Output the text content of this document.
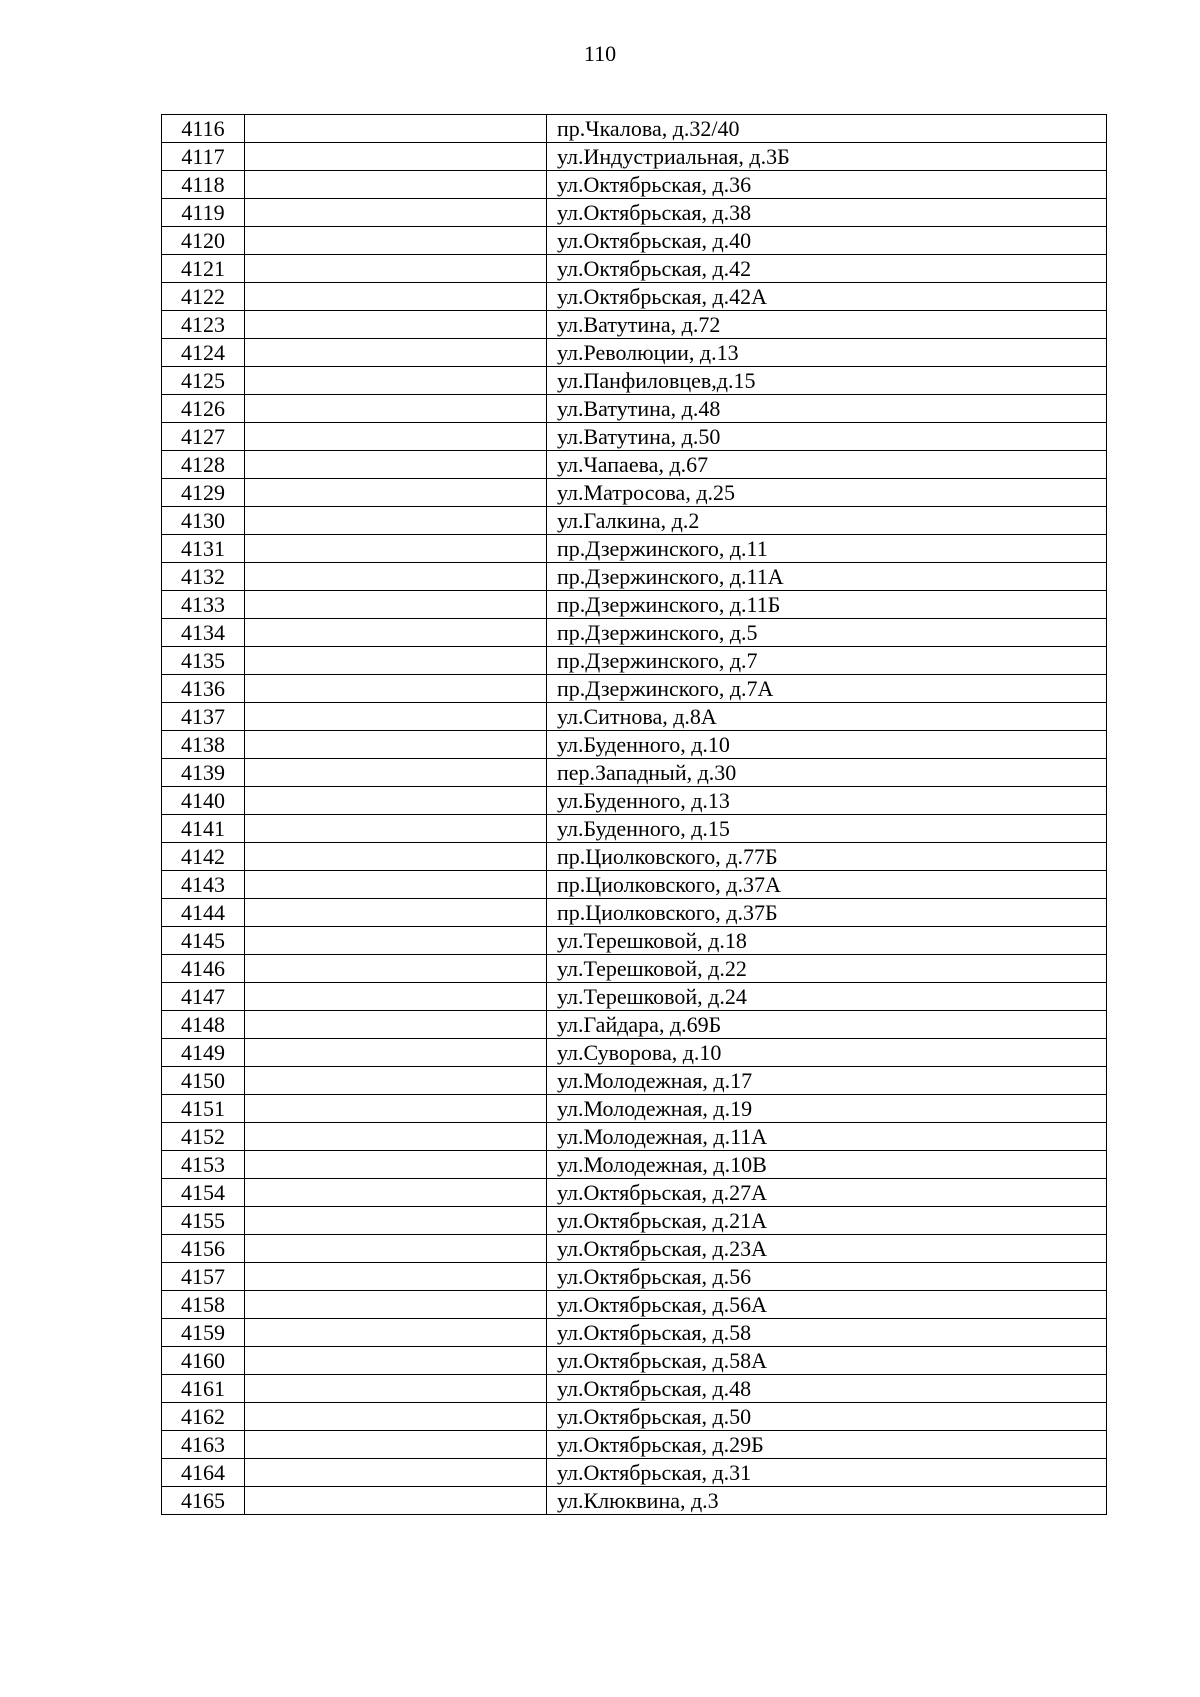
110
4116		пр.Чкалова, д.32/40
4117		ул.Индустриальная, д.3Б
4118		ул.Октябрьская, д.36
4119		ул.Октябрьская, д.38
4120		ул.Октябрьская, д.40
4121		ул.Октябрьская, д.42
4122		ул.Октябрьская, д.42А
4123		ул.Ватутина, д.72
4124		ул.Революции, д.13
4125		ул.Панфиловцев,д.15
4126		ул.Ватутина, д.48
4127		ул.Ватутина, д.50
4128		ул.Чапаева, д.67
4129		ул.Матросова, д.25
4130		ул.Галкина, д.2
4131		пр.Дзержинского, д.11
4132		пр.Дзержинского, д.11А
4133		пр.Дзержинского, д.11Б
4134		пр.Дзержинского, д.5
4135		пр.Дзержинского, д.7
4136		пр.Дзержинского, д.7А
4137		ул.Ситнова, д.8А
4138		ул.Буденного, д.10
4139		пер.Западный, д.30
4140		ул.Буденного, д.13
4141		ул.Буденного, д.15
4142		пр.Циолковского, д.77Б
4143		пр.Циолковского, д.37А
4144		пр.Циолковского, д.37Б
4145		ул.Терешковой, д.18
4146		ул.Терешковой, д.22
4147		ул.Терешковой, д.24
4148		ул.Гайдара, д.69Б
4149		ул.Суворова, д.10
4150		ул.Молодежная, д.17
4151		ул.Молодежная, д.19
4152		ул.Молодежная, д.11А
4153		ул.Молодежная, д.10В
4154		ул.Октябрьская, д.27А
4155		ул.Октябрьская, д.21А
4156		ул.Октябрьская, д.23А
4157		ул.Октябрьская, д.56
4158		ул.Октябрьская, д.56А
4159		ул.Октябрьская, д.58
4160		ул.Октябрьская, д.58А
4161		ул.Октябрьская, д.48
4162		ул.Октябрьская, д.50
4163		ул.Октябрьская, д.29Б
4164		ул.Октябрьская, д.31
4165		ул.Клюквина, д.3
